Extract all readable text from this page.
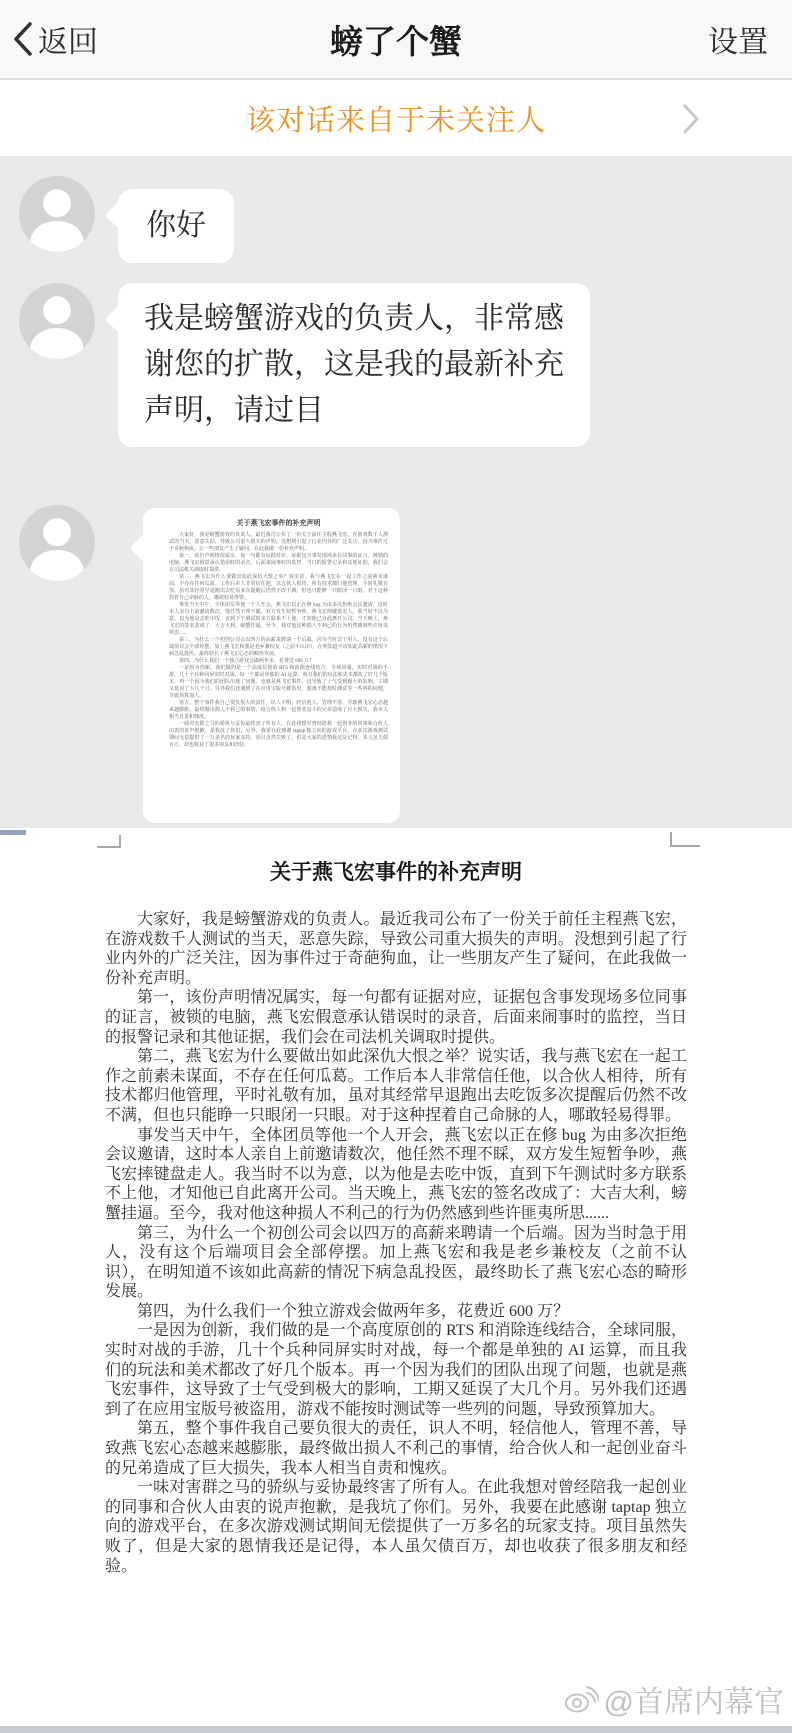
返回	螃了个蟹	设置
该对话来自于未关注人
你好
我是螃蟹游戏的负责人，非常感谢您的扩散，这是我的最新补充声明，请过目
关于燕飞宏事件的补充声明

大家好，我是螃蟹游戏的负责人。最近我司公布了一份关于前任主程燕飞宏，在游戏数千人测试的当天，恶意失踪，导致公司重大损失的声明。没想到引起了行业内外的广泛关注，因为事件过于奇葩狗血，让一些朋友产生了疑问，在此我做一份补充声明。

第一，该份声明情况属实，每一句都有证据对应，证据包含事发现场多位同事的证言，被锁的电脑，燕飞宏假意承认错误时的录音，后面来闹事时的监控，当日的报警记录和其他证据，我们会在司法机关调取时提供。

第二，燕飞宏为什么要做出如此深仇大恨之举？说实话，我与燕飞宏在一起工作之前素未谋面，不存在任何瓜葛。工作后本人非常信任他，以合伙人相待，所有技术都归他管理，平时礼敬有加，虽对其经常早退跑出去吃饭多次提醒后仍然不改不满，但也只能睁一只眼闭一只眼。对于这种捏着自己命脉的人，哪敢轻易得罪。

事发当天中午，全体团员等他一个人开会，燕飞宏以正在修 bug 为由多次拒绝会议邀请，这时本人亲自上前邀请数次，他任然不理不睬，双方发生短暂争吵，燕飞宏摔键盘走人。我当时不以为意，以为他是去吃中饭，直到下午测试时多方联系不上他，才知他已自此离开公司。当天晚上，燕飞宏的签名改成了：大吉大利，螃蟹挂逼。至今，我对他这种损人不利己的行为仍然感到些许匪夷所思......

第三，为什么一个初创公司会以四万的高薪来聘请一个后端。因为当时急于用人，没有这个后端项目会全部停摆。加上燕飞宏和我是老乡兼校友（之前不认识），在明知道不该如此高薪的情况下病急乱投医，最终助长了燕飞宏心态的畸形发展。

第四，为什么我们一个独立游戏会做两年多，花费近 600 万？

一是因为创新，我们做的是一个高度原创的 RTS 和消除连线结合，全球同服，实时对战的手游，几十个兵种同屏实时对战，每一个都是单独的 AI 运算，而且我们的玩法和美术都改了好几个版本。再一个因为我们的团队出现了问题，也就是燕飞宏事件，这导致了士气受到极大的影响，工期又延误了大几个月。另外我们还遇到了在应用宝版号被盗用，游戏不能按时测试等一些列的问题，导致预算加大。

第五，整个事件我自己要负很大的责任，识人不明，轻信他人，管理不善，导致燕飞宏心态越来越膨胀，最终做出损人不利己的事情，给合伙人和一起创业奋斗的兄弟造成了巨大损失，我本人相当自责和愧疚。

一味对害群之马的骄纵与妥协最终害了所有人。在此我想对曾经陪我一起创业的同事和合伙人由衷的说声抱歉，是我坑了你们。另外，我要在此感谢 taptap 独立向的游戏平台，在多次游戏测试期间无偿提供了一万多名的玩家支持。项目虽然失败了，但是大家的恩情我还是记得，本人虽欠债百万，却也收获了很多朋友和经验。

关于燕飞宏事件的补充声明

大家好，我是螃蟹游戏的负责人。最近我司公布了一份关于前任主程燕飞宏，在游戏数千人测试的当天，恶意失踪，导致公司重大损失的声明。没想到引起了行业内外的广泛关注，因为事件过于奇葩狗血，让一些朋友产生了疑问，在此我做一份补充声明。

第一，该份声明情况属实，每一句都有证据对应，证据包含事发现场多位同事的证言，被锁的电脑，燕飞宏假意承认错误时的录音，后面来闹事时的监控，当日的报警记录和其他证据，我们会在司法机关调取时提供。

第二，燕飞宏为什么要做出如此深仇大恨之举？说实话，我与燕飞宏在一起工作之前素未谋面，不存在任何瓜葛。工作后本人非常信任他，以合伙人相待，所有技术都归他管理，平时礼敬有加，虽对其经常早退跑出去吃饭多次提醒后仍然不改不满，但也只能睁一只眼闭一只眼。对于这种捏着自己命脉的人，哪敢轻易得罪。

事发当天中午，全体团员等他一个人开会，燕飞宏以正在修 bug 为由多次拒绝会议邀请，这时本人亲自上前邀请数次，他任然不理不睬，双方发生短暂争吵，燕飞宏摔键盘走人。我当时不以为意，以为他是去吃中饭，直到下午测试时多方联系不上他，才知他已自此离开公司。当天晚上，燕飞宏的签名改成了：大吉大利，螃蟹挂逼。至今，我对他这种损人不利己的行为仍然感到些许匪夷所思......

第三，为什么一个初创公司会以四万的高薪来聘请一个后端。因为当时急于用人，没有这个后端项目会全部停摆。加上燕飞宏和我是老乡兼校友（之前不认识），在明知道不该如此高薪的情况下病急乱投医，最终助长了燕飞宏心态的畸形发展。

第四，为什么我们一个独立游戏会做两年多，花费近 600 万？

一是因为创新，我们做的是一个高度原创的 RTS 和消除连线结合，全球同服，实时对战的手游，几十个兵种同屏实时对战，每一个都是单独的 AI 运算，而且我们的玩法和美术都改了好几个版本。再一个因为我们的团队出现了问题，也就是燕飞宏事件，这导致了士气受到极大的影响，工期又延误了大几个月。另外我们还遇到了在应用宝版号被盗用，游戏不能按时测试等一些列的问题，导致预算加大。

第五，整个事件我自己要负很大的责任，识人不明，轻信他人，管理不善，导致燕飞宏心态越来越膨胀，最终做出损人不利己的事情，给合伙人和一起创业奋斗的兄弟造成了巨大损失，我本人相当自责和愧疚。

一味对害群之马的骄纵与妥协最终害了所有人。在此我想对曾经陪我一起创业的同事和合伙人由衷的说声抱歉，是我坑了你们。另外，我要在此感谢 taptap 独立向的游戏平台，在多次游戏测试期间无偿提供了一万多名的玩家支持。项目虽然失败了，但是大家的恩情我还是记得，本人虽欠债百万，却也收获了很多朋友和经验。

@首席内幕官
